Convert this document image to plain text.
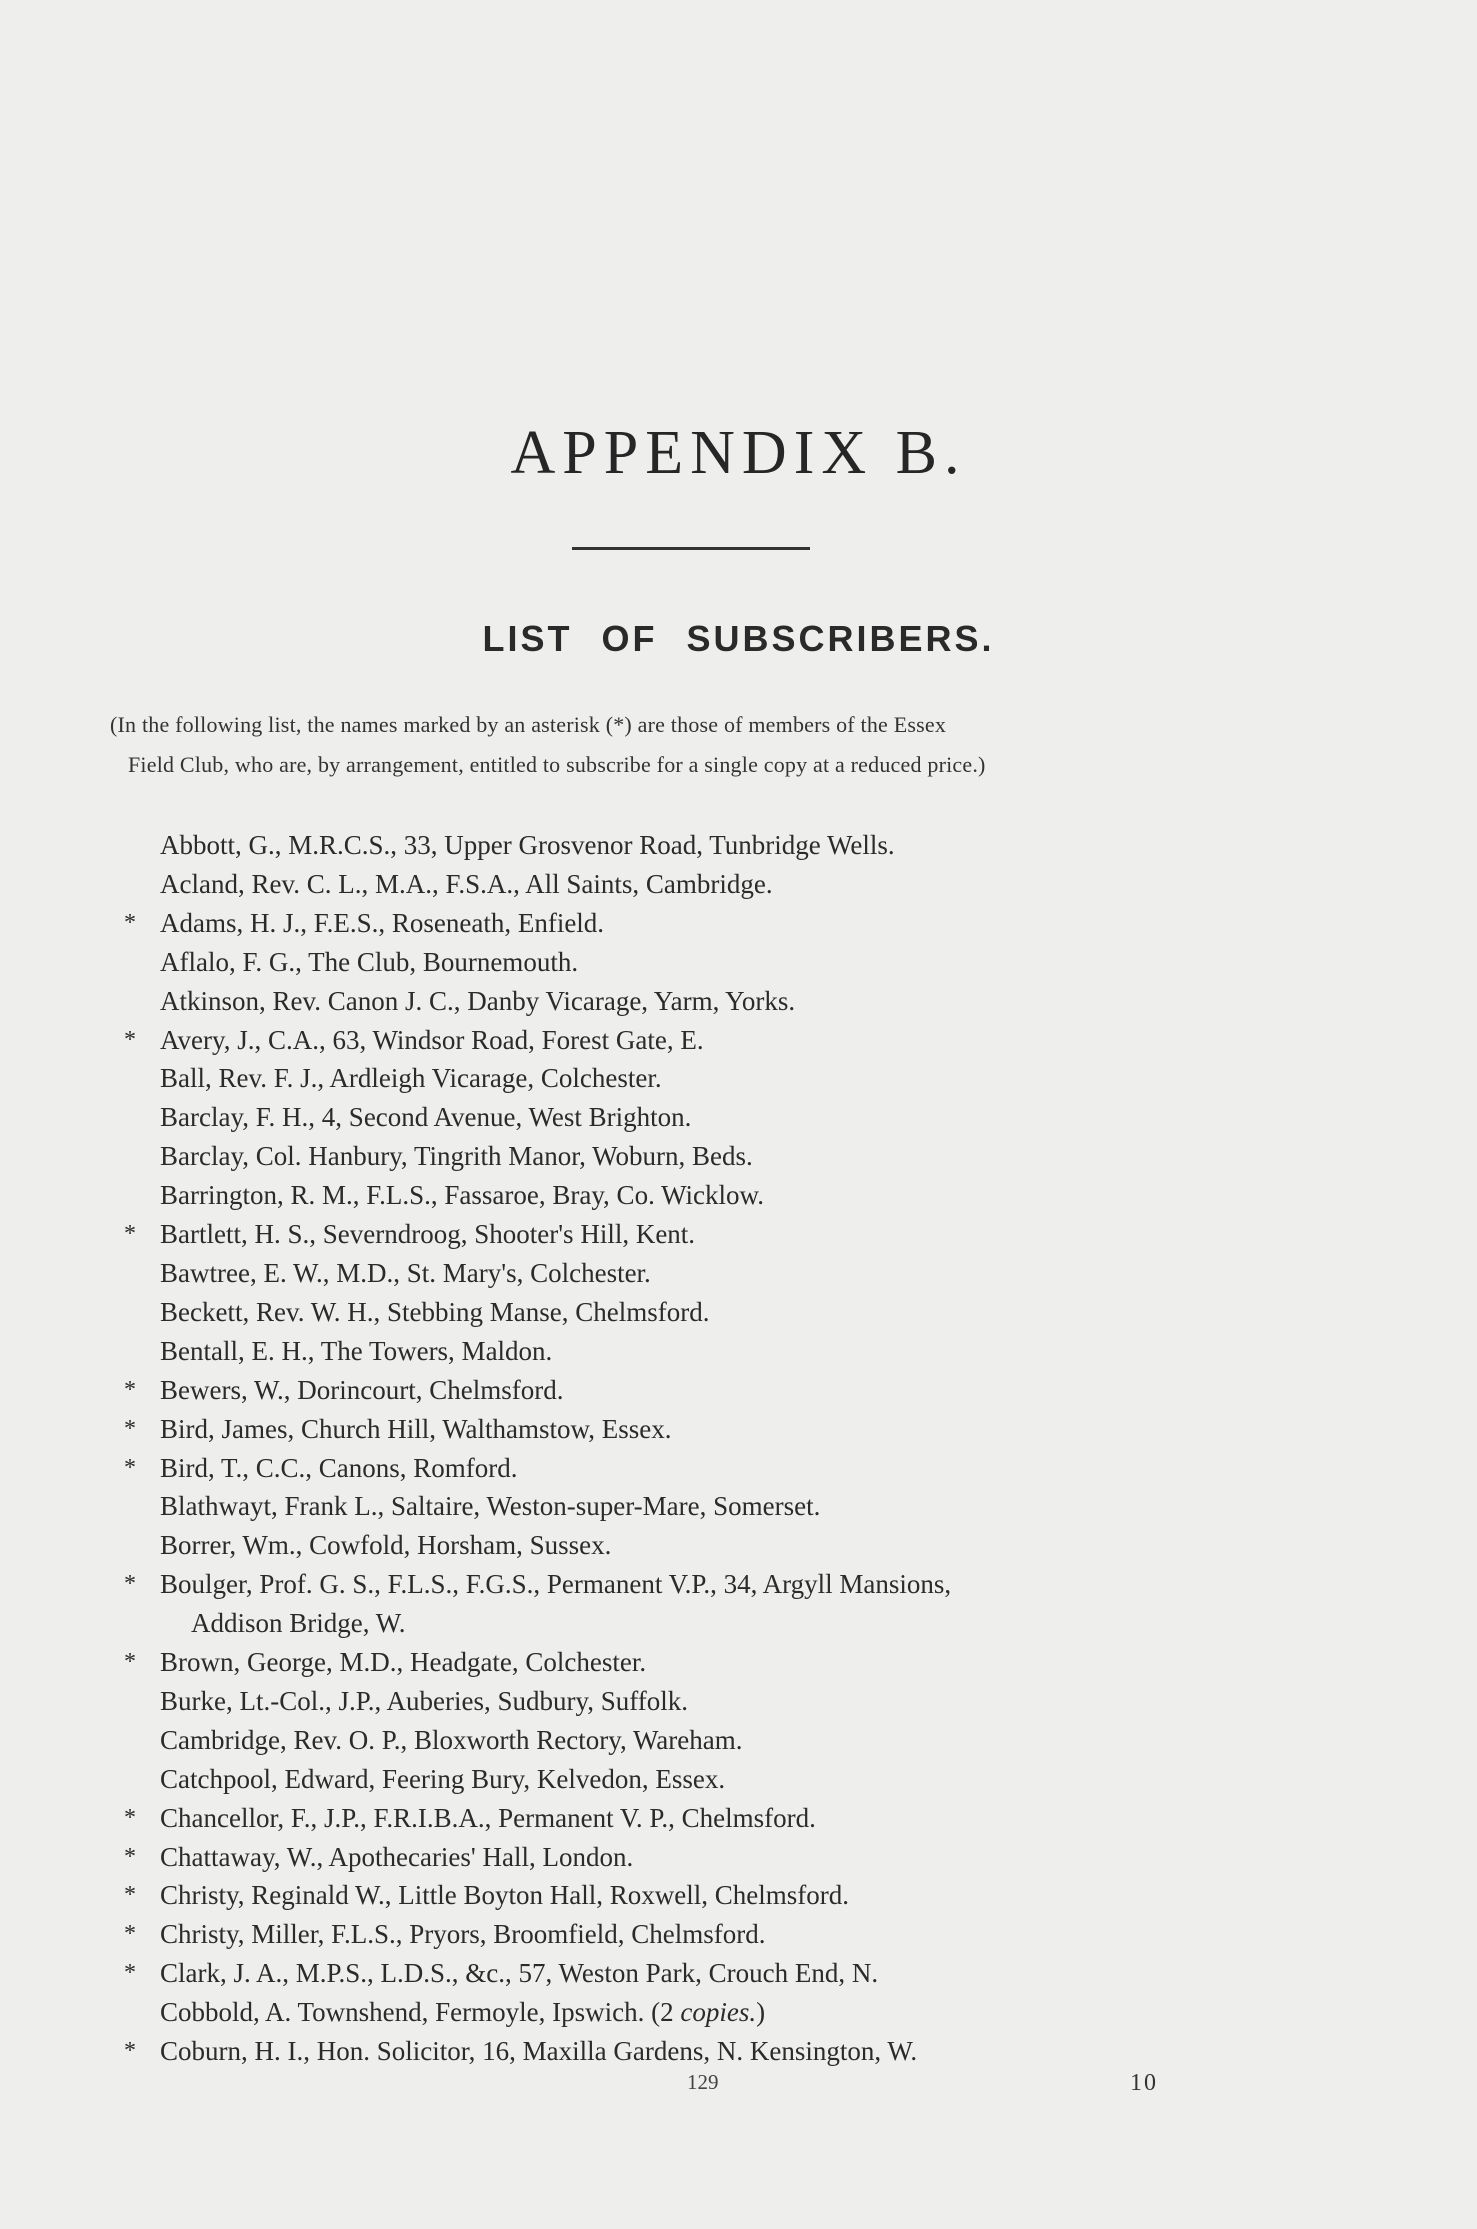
APPENDIX B.
LIST OF SUBSCRIBERS.
(In the following list, the names marked by an asterisk (*) are those of members of the Essex
Field Club, who are, by arrangement, entitled to subscribe for a single copy at a reduced price.)
Abbott, G., M.R.C.S., 33, Upper Grosvenor Road, Tunbridge Wells.
Acland, Rev. C. L., M.A., F.S.A., All Saints, Cambridge.
* Adams, H. J., F.E.S., Roseneath, Enfield.
Aflalo, F. G., The Club, Bournemouth.
Atkinson, Rev. Canon J. C., Danby Vicarage, Yarm, Yorks.
* Avery, J., C.A., 63, Windsor Road, Forest Gate, E.
Ball, Rev. F. J., Ardleigh Vicarage, Colchester.
Barclay, F. H., 4, Second Avenue, West Brighton.
Barclay, Col. Hanbury, Tingrith Manor, Woburn, Beds.
Barrington, R. M., F.L.S., Fassaroe, Bray, Co. Wicklow.
* Bartlett, H. S., Severndroog, Shooter's Hill, Kent.
Bawtree, E. W., M.D., St. Mary's, Colchester.
Beckett, Rev. W. H., Stebbing Manse, Chelmsford.
Bentall, E. H., The Towers, Maldon.
* Bewers, W., Dorincourt, Chelmsford.
* Bird, James, Church Hill, Walthamstow, Essex.
* Bird, T., C.C., Canons, Romford.
Blathwayt, Frank L., Saltaire, Weston-super-Mare, Somerset.
Borrer, Wm., Cowfold, Horsham, Sussex.
* Boulger, Prof. G. S., F.L.S., F.G.S., Permanent V.P., 34, Argyll Mansions,
Addison Bridge, W.
* Brown, George, M.D., Headgate, Colchester.
Burke, Lt.-Col., J.P., Auberies, Sudbury, Suffolk.
Cambridge, Rev. O. P., Bloxworth Rectory, Wareham.
Catchpool, Edward, Feering Bury, Kelvedon, Essex.
* Chancellor, F., J.P., F.R.I.B.A., Permanent V. P., Chelmsford.
* Chattaway, W., Apothecaries' Hall, London.
* Christy, Reginald W., Little Boyton Hall, Roxwell, Chelmsford.
* Christy, Miller, F.L.S., Pryors, Broomfield, Chelmsford.
* Clark, J. A., M.P.S., L.D.S., &c., 57, Weston Park, Crouch End, N.
Cobbold, A. Townshend, Fermoyle, Ipswich. (2 copies.)
* Coburn, H. I., Hon. Solicitor, 16, Maxilla Gardens, N. Kensington, W.
129	10
